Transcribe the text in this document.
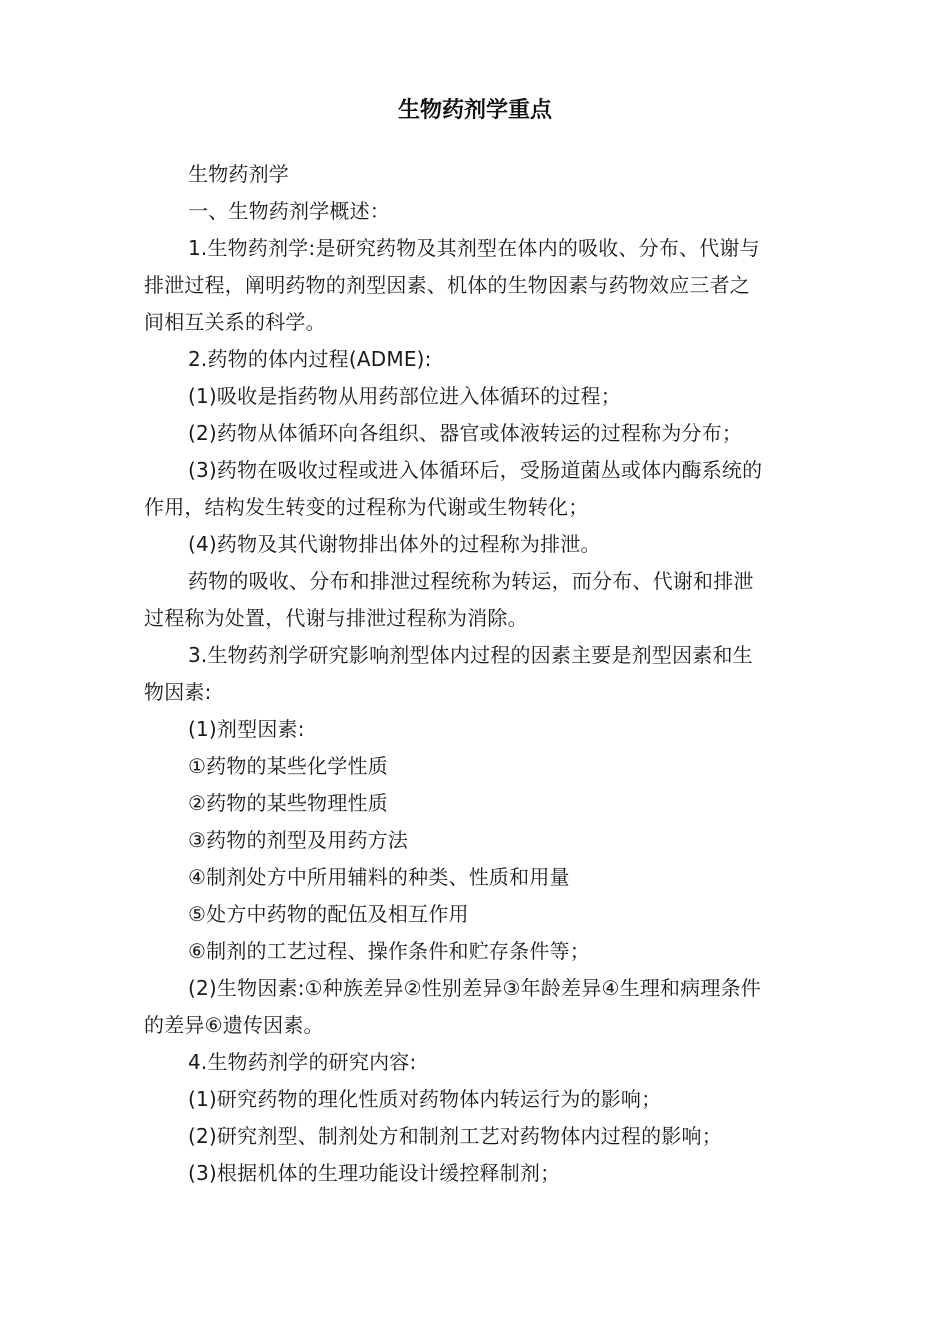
生物药剂学重点

生物药剂学

一、生物药剂学概述：

1.生物药剂学:是研究药物及其剂型在体内的吸收、分布、代谢与

排泄过程，阐明药物的剂型因素、机体的生物因素与药物效应三者之

间相互关系的科学。

2.药物的体内过程(ADME):

(1)吸收是指药物从用药部位进入体循环的过程；

(2)药物从体循环向各组织、器官或体液转运的过程称为分布；

(3)药物在吸收过程或进入体循环后，受肠道菌丛或体内酶系统的

作用，结构发生转变的过程称为代谢或生物转化；

(4)药物及其代谢物排出体外的过程称为排泄。

药物的吸收、分布和排泄过程统称为转运，而分布、代谢和排泄

过程称为处置，代谢与排泄过程称为消除。

3.生物药剂学研究影响剂型体内过程的因素主要是剂型因素和生

物因素:

(1)剂型因素:

①药物的某些化学性质

②药物的某些物理性质

③药物的剂型及用药方法

④制剂处方中所用辅料的种类、性质和用量

⑤处方中药物的配伍及相互作用

⑥制剂的工艺过程、操作条件和贮存条件等；

(2)生物因素:①种族差异②性别差异③年龄差异④生理和病理条件

的差异⑥遗传因素。

4.生物药剂学的研究内容:

(1)研究药物的理化性质对药物体内转运行为的影响；

(2)研究剂型、制剂处方和制剂工艺对药物体内过程的影响；

(3)根据机体的生理功能设计缓控释制剂；
